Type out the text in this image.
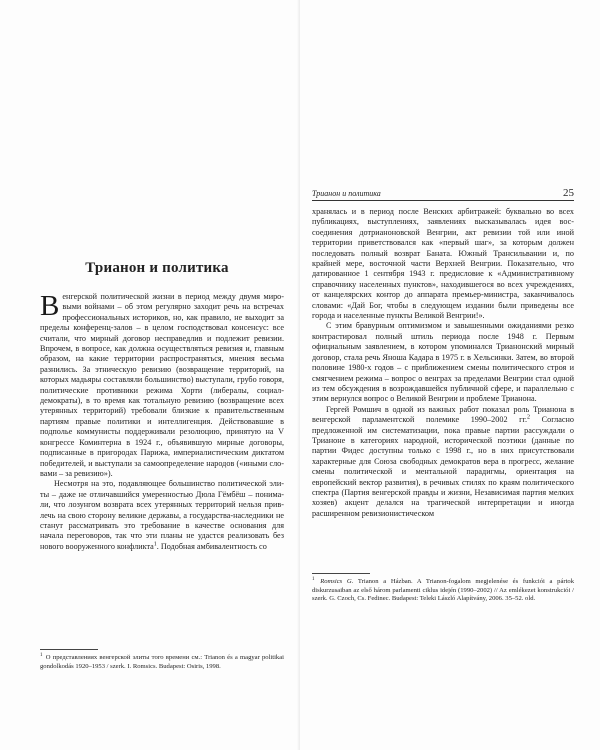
Трианон и политика

Венгерской политической жизни в период между двумя мировыми войнами – об этом регулярно заходит речь на встречах профессиональных историков, но, как правило, не выходит за пределы конференц-залов – в целом господствовал консенсус: все считали, что мирный договор несправедлив и подлежит ревизии. Впрочем, в вопросе, как должна осуществляться ревизия и, главным образом, на какие территории распространяться, мнения весьма разнились. За этническую ревизию (возвращение территорий, на которых мадьяры составляли большинство) выступали, грубо говоря, политические противники режима Хорти (либералы, социал-демократы), в то время как тотальную ревизию (возвращение всех утерянных территорий) требовали близкие к правительственным партиям правые политики и интеллигенция. Действовавшие в подполье коммунисты поддерживали резолюцию, принятую на V конгрессе Коминтерна в 1924 г., объявившую мирные договоры, подписанные в пригородах Парижа, империалистическим диктатом победителей, и выступали за самоопределение народов («иными словами – за ревизию»).

Несмотря на это, подавляющее большинство политической элиты – даже не отличавшийся умеренностью Дюла Гёмбёш – понимали, что лозунгом возврата всех утерянных территорий нельзя привлечь на свою сторону великие державы, а государства-наследники не станут рассматривать это требование в качестве основания для начала переговоров, так что эти планы не удастся реализовать без нового вооруженного конфликта$^1$. Подобная амбивалентность со

$^1$ О представлениях венгерской элиты того времени см.: Trianon és a magyar politikai gondolkodás 1920–1953 / szerk. I. Romsics. Budapest: Osiris, 1998.

Трианон и политика	25

хранялась и в период после Венских арбитражей: буквально во всех публикациях, выступлениях, заявлениях высказывалась идея воссоединения дотрианоновской Венгрии, акт ревизии той или иной территории приветствовался как «первый шаг», за которым должен последовать полный возврат Баната. Южный Трансильвании и, по крайней мере, восточной части Верхней Венгрии. Показательно, что датированное 1 сентября 1943 г. предисловие к «Административному справочнику населенных пунктов», находившегося во всех учреждениях, от канцелярских контор до аппарата премьер-министра, заканчивалось словами: «Дай Бог, чтобы в следующем издании были приведены все города и населенные пункты Великой Венгрии!».

С этим бравурным оптимизмом и завышенными ожиданиями резко контрастировал полный штиль периода после 1948 г. Первым официальным заявлением, в котором упоминался Трианонский мирный договор, стала речь Яноша Кадара в 1975 г. в Хельсинки. Затем, во второй половине 1980-х годов – с приближением смены политического строя и смягчением режима – вопрос о венграх за пределами Венгрии стал одной из тем обсуждения в возрождавшейся публичной сфере, и параллельно с этим вернулся вопрос о Великой Венгрии и проблеме Трианона.

Гергей Ромшич в одной из важных работ показал роль Трианона в венгерской парламентской полемике 1990–2002 гг.$^2$ Согласно предложенной им систематизации, пока правые партии рассуждали о Трианоне в категориях народной, исторической поэтики (данные по партии Фидес доступны только с 1998 г., но в них присутствовали характерные для Союза свободных демократов вера в прогресс, желание смены политической и ментальной парадигмы, ориентация на европейский вектор развития), в речивых стилях по краям политического спектра (Партия венгерской правды и жизни, Независимая партия мелких хозяев) акцент делался на трагической интерпретации и иногда расширенном ревизионистическом

$^1$ Romsics G. Trianon a Házban. A Trianon-fogalom megjelenése és funkciói a pártok diskurzusaiban az első három parlamenti ciklus idején (1990–2002) // Az emlékezet konstrukciói / szerk. G. Czoch, Cs. Fedinec. Budapest: Teleki László Alapítvány, 2006. 35–52. old.
